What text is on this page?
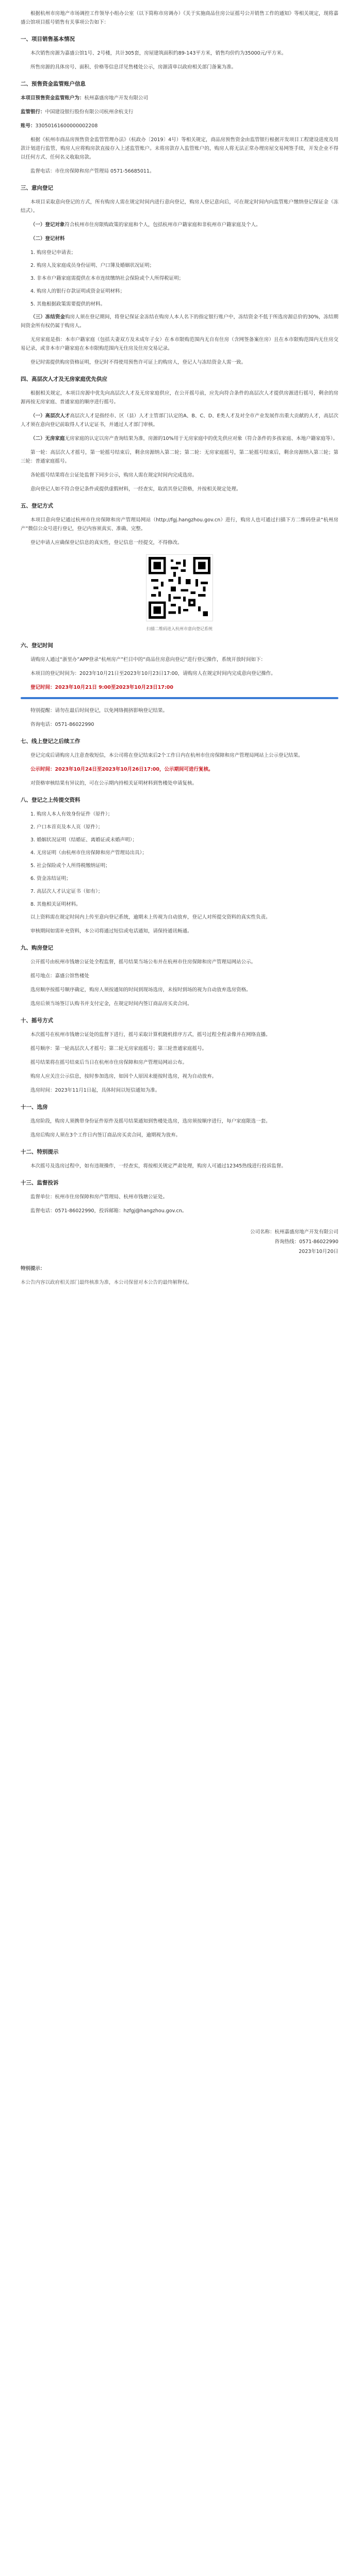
根据杭州市房地产市场调控工作领导小组办公室（以下简称市房调办）《关于实施商品住房公证摇号公开销售工作的通知》等相关规定，现将嘉盛公馆项目摇号销售有关事项公告如下：

一、项目销售基本情况

本次销售房源为嘉盛公馆1号、2号楼，共计305套，房屋建筑面积约89-143平方米，销售均价约为35000元/平方米。

所售房源的具体房号、面积、价格等信息详见售楼处公示，房源清单以政府相关部门备案为准。

二、预售资金监管账户信息

本项目预售资金监管账户为：杭州嘉盛房地产开发有限公司

监管银行：中国建设银行股份有限公司杭州余杭支行

账号：33050161600000002208

根据《杭州市商品房预售资金监管管理办法》（杭政办〔2019〕4号）等相关规定，商品房预售资金由监管银行根据开发项目工程建设进度及用款计划进行监管，购房人应将购房款直接存入上述监管账户。未将房款存入监管账户的，购房人将无法正常办理房屋交易网签手续，开发企业不得以任何方式、任何名义收取房款。

监督电话：市住房保障和房产管理局 0571-56685011。

三、意向登记

本项目采取意向登记的方式，所有购房人需在规定时间内进行意向登记，购房人登记意向后，可在规定时间内向监管账户缴纳登记保证金（冻结式）。

（一）登记对象符合杭州市住房限购政策的家庭和个人，包括杭州市户籍家庭和非杭州市户籍家庭及个人。

（二）登记材料

1. 购房登记申请表；

2. 购房人及家庭成员身份证明、户口簿及婚姻状况证明；

3. 非本市户籍家庭需提供在本市连续缴纳社会保险或个人所得税证明；

4. 购房人的银行存款证明或资金证明材料；

5. 其他根据政策需要提供的材料。

（三）冻结资金购房人须在登记期间，将登记保证金冻结在购房人本人名下的指定银行账户中，冻结资金不低于所选房源总价的30%，冻结期间资金所有权仍属于购房人。

无房家庭是指：本市户籍家庭（包括夫妻双方及未成年子女）在本市限购范围内无自有住房（含网签备案住房）且在本市限购范围内无住房交易记录，或非本市户籍家庭在本市限购范围内无住房及住房交易记录。

登记时需提供购房资格证明，登记时不得使用预售许可证上的购房人，登记人与冻结资金人需一致。

四、高层次人才及无房家庭优先供应

根据相关规定，本项目房源中优先向高层次人才及无房家庭供应，在公开摇号前，应先向符合条件的高层次人才提供房源进行摇号，剩余的房源再按无房家庭、普通家庭的顺序进行摇号。

（一）高层次人才高层次人才是指经市、区（县）人才主管部门认定的A、B、C、D、E类人才及对全市产业发展作出重大贡献的人才，高层次人才须在意向登记前取得人才认定证书，并通过人才部门审核。

（二）无房家庭无房家庭的认定以房产查询结果为准，房源的10%用于无房家庭中的优先供应对象（符合条件的多孩家庭、本地户籍家庭等）。

第一轮：高层次人才摇号，第一轮摇号结束后，剩余房源纳入第二轮；第二轮：无房家庭摇号，第二轮摇号结束后，剩余房源纳入第三轮；第三轮：普通家庭摇号。

各轮摇号结果将在公证处监督下同步公示，购房人需在规定时间内完成选房。

意向登记人如不符合登记条件或提供虚假材料，一经查实，取消其登记资格，并按相关规定处理。

五、登记方式

本项目意向登记通过杭州市住房保障和房产管理局网站（http://fgj.hangzhou.gov.cn）进行，购房人也可通过扫描下方二维码登录“杭州房产”微信公众号进行登记，登记内容须真实、准确、完整。

登记申请人应确保登记信息的真实性，登记信息一经提交，不得修改。

扫描二维码进入杭州市意向登记系统

六、登记时间

请购房人通过“浙里办”APP登录“杭州房产”栏目中的“商品住房意向登记”进行登记操作，系统开放时间如下：

本项目的登记时间为：2023年10月21日至2023年10月23日17:00，请购房人在规定时间内完成意向登记操作。

登记时间：2023年10月21日 9:00至2023年10月23日17:00

特别提醒：请勿在最后时间登记，以免网络拥挤影响登记结果。

咨询电话：0571-86022990

七、线上登记之后续工作

登记完成后请购房人注意查收短信，本公司将在登记结束后2个工作日内在杭州市住房保障和房产管理局网站上公示登记结果。

公示时间：2023年10月24日至2023年10月26日17:00，公示期间可进行复核。

对资格审核结果有异议的，可在公示期内持相关证明材料到售楼处申请复核。

八、登记之上传提交资料

1. 购房人本人有效身份证件（原件）；

2. 户口本首页及本人页（原件）；

3. 婚姻状况证明（结婚证、离婚证或未婚声明）；

4. 无房证明（由杭州市住房保障和房产管理局出具）；

5. 社会保险或个人所得税缴纳证明；

6. 资金冻结证明；

7. 高层次人才认定证书（如有）；

8. 其他相关证明材料。

以上资料需在规定时间内上传至意向登记系统，逾期未上传视为自动放弃，登记人对所提交资料的真实性负责。

审核期间如需补充资料，本公司将通过短信或电话通知，请保持通讯畅通。

九、购房登记

公开摇号由杭州市钱塘公证处全程监督，摇号结果当场公布并在杭州市住房保障和房产管理局网站公示。

摇号地点：嘉盛公馆售楼处

选房顺序按摇号顺序确定，购房人须按通知的时间到现场选房，未按时到场的视为自动放弃选房资格。

选房后须当场签订认购书并支付定金，在规定时间内签订商品房买卖合同。

十、摇号方式

本次摇号在杭州市钱塘公证处的监督下进行，摇号采取计算机随机排序方式，摇号过程全程录像并在网络直播。

摇号顺序：第一轮高层次人才摇号；第二轮无房家庭摇号；第三轮普通家庭摇号。

摇号结果将在摇号结束后当日在杭州市住房保障和房产管理局网站公布。

购房人应关注公示信息，按时参加选房，如因个人原因未能按时选房，视为自动放弃。

选房时间：2023年11月1日起，具体时间以短信通知为准。

十一、选房

选房阶段，购房人须携带身份证件原件及摇号结果通知到售楼处选房，选房须按顺序进行，每户家庭限选一套。

选房后购房人须在3个工作日内签订商品房买卖合同，逾期视为放弃。

十二、特别提示

本次摇号及选房过程中，如有违规操作，一经查实，将按相关规定严肃处理，购房人可通过12345热线进行投诉监督。

十三、监督投诉

监督单位：杭州市住房保障和房产管理局、杭州市钱塘公证处。

监督电话：0571-86022990，投诉邮箱：hzfgj@hangzhou.gov.cn。

公司名称：杭州嘉盛房地产开发有限公司

咨询热线：0571-86022990

2023年10月20日

特别提示：

本公告内容以政府相关部门最终核准为准，本公司保留对本公告的最终解释权。
